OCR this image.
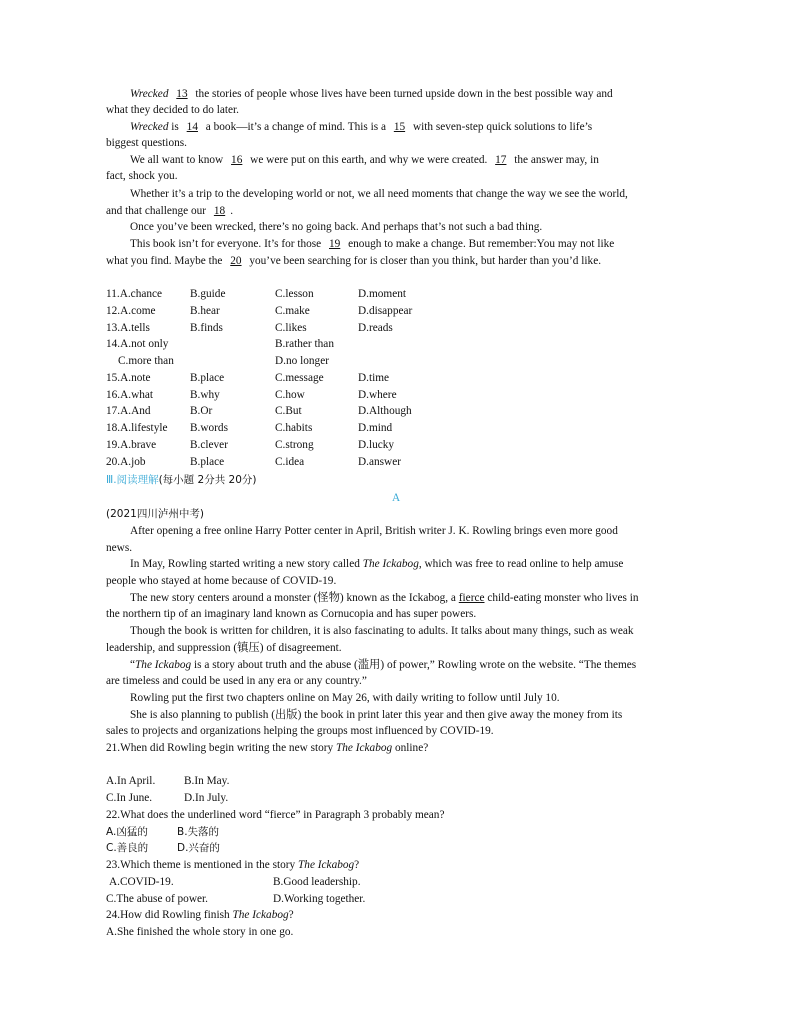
Wrecked 13 the stories of people whose lives have been turned upside down in the best possible way and
what they decided to do later.
Wrecked is 14 a book—it’s a change of mind. This is a 15 with seven-step quick solutions to life’s
biggest questions.
We all want to know 16 we were put on this earth, and why we were created. 17 the answer may, in
fact, shock you.
Whether it’s a trip to the developing world or not, we all need moments that change the way we see the world,
and that challenge our 18 .
Once you’ve been wrecked, there’s no going back. And perhaps that’s not such a bad thing.
This book isn’t for everyone. It’s for those 19 enough to make a change. But remember:You may not like
what you find. Maybe the 20 you’ve been searching for is closer than you think, but harder than you’d like.
11.A.chance B.guide	C.lesson	D.moment
12.A.come	B.hear	C.make	D.disappear
13.A.tells	B.finds	C.likes	D.reads
14.A.not only	B.rather than
C.more than	D.no longer
15.A.note	B.place	C.message	D.time
16.A.what	B.why	C.how	D.where
17.A.And	B.Or	C.But	D.Although
18.A.lifestyle B.words	C.habits	D.mind
19.A.brave	B.clever	C.strong	D.lucky
20.A.job	B.place	C.idea	D.answer
Ⅲ.阅读理解(每小题 2分共 20分)
A
(2021四川泸州中考)
After opening a free online Harry Potter center in April, British writer J. K. Rowling brings even more good
news.
In May, Rowling started writing a new story called The Ickabog, which was free to read online to help amuse
people who stayed at home because of COVID-19.
The new story centers around a monster (怪物) known as the Ickabog, a fierce child-eating monster who lives in
the northern tip of an imaginary land known as Cornucopia and has super powers.
Though the book is written for children, it is also fascinating to adults. It talks about many things, such as weak
leadership, and suppression (镇压) of disagreement.
“The Ickabog is a story about truth and the abuse (滥用) of power,” Rowling wrote on the website. “The themes
are timeless and could be used in any era or any country.”
Rowling put the first two chapters online on May 26, with daily writing to follow until July 10.
She is also planning to publish (出版) the book in print later this year and then give away the money from its
sales to projects and organizations helping the groups most influenced by COVID-19.
21.When did Rowling begin writing the new story The Ickabog online?
A.In April.	B.In May.
C.In June.	D.In July.
22.What does the underlined word “fierce” in Paragraph 3 probably mean?
A.凶猛的	B.失落的
C.善良的	D.兴奋的
23.Which theme is mentioned in the story The Ickabog?
A.COVID-19.	B.Good leadership.
C.The abuse of power.	D.Working together.
24.How did Rowling finish The Ickabog?
A.She finished the whole story in one go.
